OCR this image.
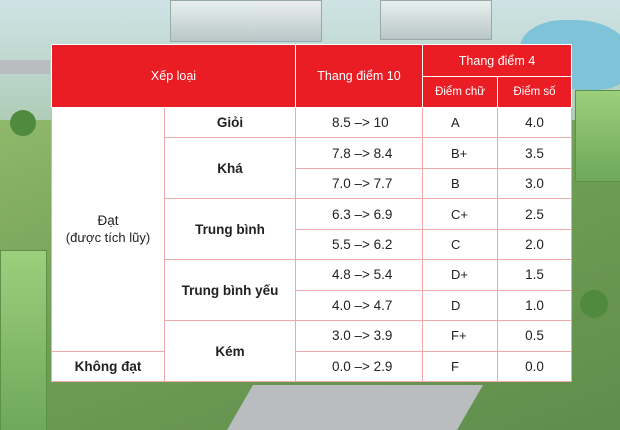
Xếp loại		Thang điểm 10	Thang điểm 4	
			Điểm chữ	Điểm số

Đạt
(được tích lũy)	Giỏi	8.5 –> 10	A	4.0
	Khá	7.8 –> 8.4	B+	3.5
		7.0 –> 7.7	B	3.0
	Trung bình	6.3 –> 6.9	C+	2.5
		5.5 –> 6.2	C	2.0
	Trung bình yếu	4.8 –> 5.4	D+	1.5
		4.0 –> 4.7	D	1.0
	Kém	3.0 –> 3.9	F+	0.5
Không đạt		0.0 –> 2.9	F	0.0
